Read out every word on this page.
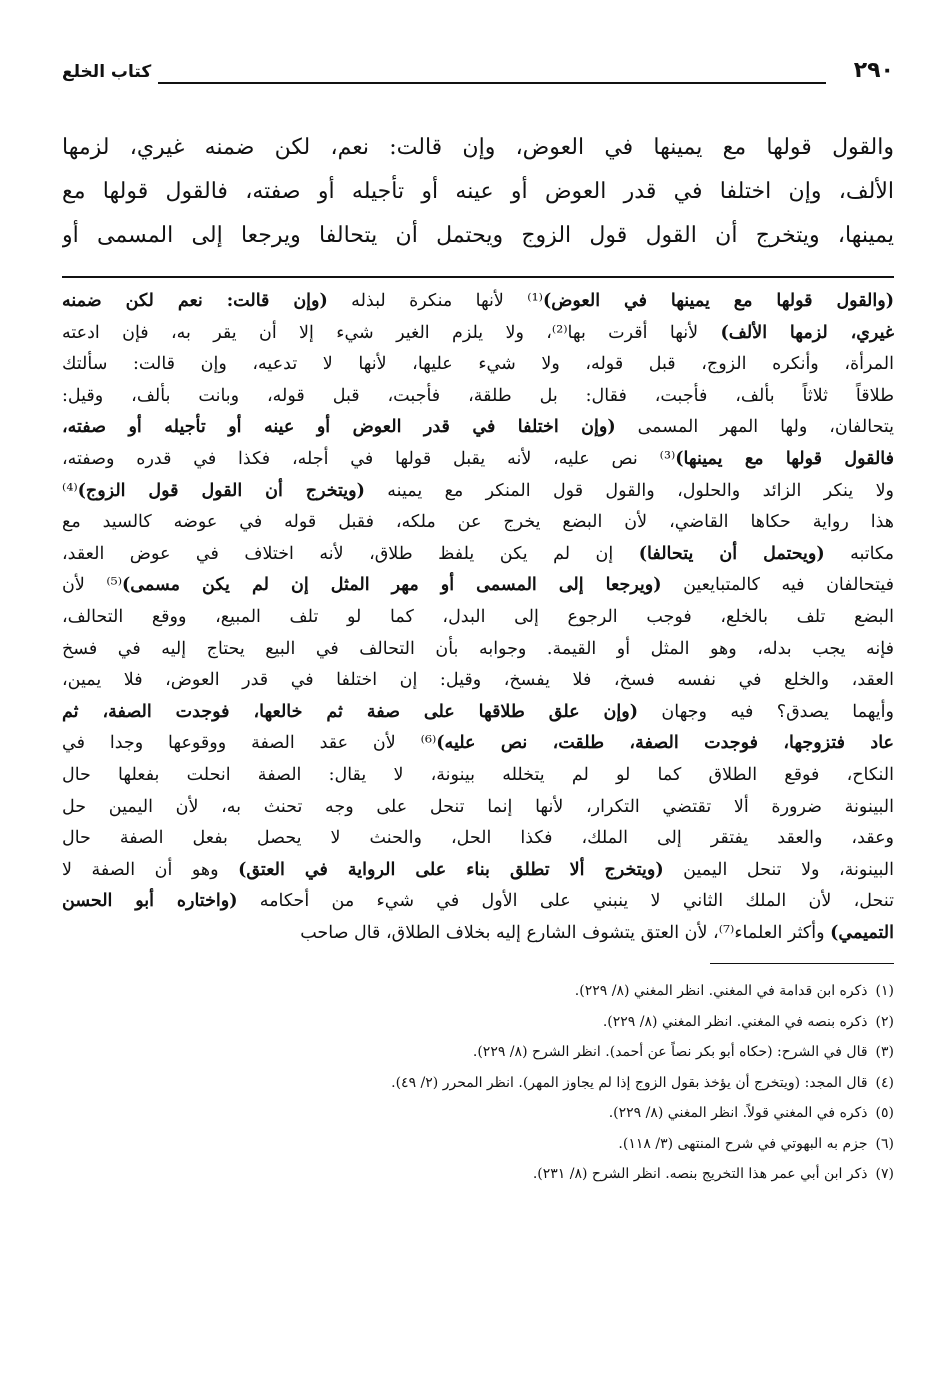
٢٩٠
كتاب الخلع
والقول قولها مع يمينها في العوض، وإن قالت: نعم، لكن ضمنه غيري، لزمها
الألف، وإن اختلفا في قدر العوض أو عينه أو تأجيله أو صفته، فالقول قولها مع
يمينها، ويتخرج أن القول قول الزوج ويحتمل أن يتحالفا ويرجعا إلى المسمى أو
(والقول قولها مع يمينها في العوض)⁽¹⁾ لأنها منكرة لبذله (وإن قالت: نعم لكن ضمنه
غيري، لزمها الألف) لأنها أقرت بها⁽²⁾، ولا يلزم الغير شيء إلا أن يقر به، فإن ادعته
المرأة، وأنكره الزوج، قبل قوله، ولا شيء عليها، لأنها لا تدعيه، وإن قالت: سألتك
طلاقاً ثلاثاً بألف، فأجبت، فقال: بل طلقة، فأجبت، قبل قوله، وبانت بألف، وقيل:
يتحالفان، ولها المهر المسمى (وإن اختلفا في قدر العوض أو عينه أو تأجيله أو صفته،
فالقول قولها مع يمينها)⁽³⁾ نص عليه، لأنه يقبل قولها في أجله، فكذا في قدره وصفته،
ولا ينكر الزائد والحلول، والقول قول المنكر مع يمينه (ويتخرج أن القول قول الزوج)⁽⁴⁾
هذا رواية حكاها القاضي، لأن البضع يخرج عن ملكه، فقبل قوله في عوضه كالسيد مع
مكاتبه (ويحتمل أن يتحالفا) إن لم يكن يلفظ طلاق، لأنه اختلاف في عوض العقد،
فيتحالفان فيه كالمتبايعين (ويرجعا إلى المسمى أو مهر المثل إن لم يكن مسمى)⁽⁵⁾ لأن
البضع تلف بالخلع، فوجب الرجوع إلى البدل، كما لو تلف المبيع، ووقع التحالف،
فإنه يجب بدله، وهو المثل أو القيمة. وجوابه بأن التحالف في البيع يحتاج إليه في فسخ
العقد، والخلع في نفسه فسخ، فلا يفسخ، وقيل: إن اختلفا في قدر العوض، فلا يمين،
وأيهما يصدق؟ فيه وجهان (وإن علق طلاقها على صفة ثم خالعها، فوجدت الصفة، ثم
عاد فتزوجها، فوجدت الصفة، طلقت، نص عليه)⁽⁶⁾ لأن عقد الصفة ووقوعها وجدا في
النكاح، فوقع الطلاق كما لو لم يتخلله بينونة، لا يقال: الصفة انحلت بفعلها حال
البينونة ضرورة ألا تقتضي التكرار، لأنها إنما تنحل على وجه تحنث به، لأن اليمين حل
وعقد، والعقد يفتقر إلى الملك، فكذا الحل، والحنث لا يحصل بفعل الصفة حال
البينونة، ولا تنحل اليمين (ويتخرج ألا تطلق بناء على الرواية في العتق) وهو أن الصفة لا
تنحل، لأن الملك الثاني لا ينبني على الأول في شيء من أحكامه (واختاره أبو الحسن
التميمي) وأكثر العلماء⁽⁷⁾، لأن العتق يتشوف الشارع إليه بخلاف الطلاق، قال صاحب
(١)ذكره ابن قدامة في المغني. انظر المغني (٨/ ٢٢٩).
(٢)ذكره بنصه في المغني. انظر المغني (٨/ ٢٢٩).
(٣)قال في الشرح: (حكاه أبو بكر نصاً عن أحمد). انظر الشرح (٨/ ٢٢٩).
(٤)قال المجد: (ويتخرج أن يؤخذ بقول الزوج إذا لم يجاوز المهر). انظر المحرر (٢/ ٤٩).
(٥)ذكره في المغني قولاً. انظر المغني (٨/ ٢٢٩).
(٦)جزم به البهوتي في شرح المنتهى (٣/ ١١٨).
(٧)ذكر ابن أبي عمر هذا التخريج بنصه. انظر الشرح (٨/ ٢٣١).
